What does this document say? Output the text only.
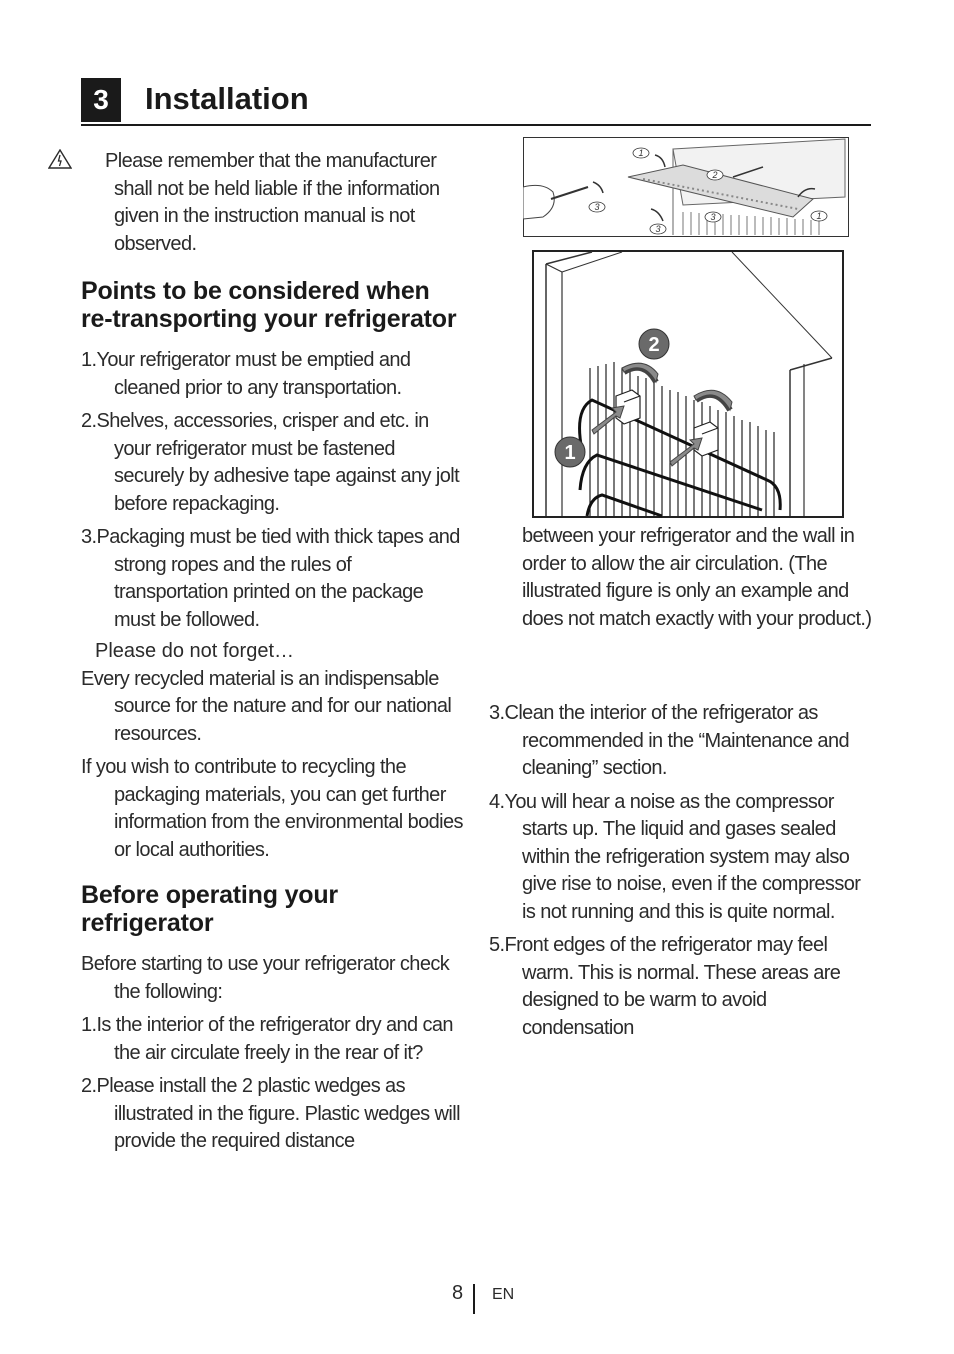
3	Installation

Please remember that the manufacturer shall not be held liable if the information given in the instruction manual is not observed.

Points to be considered when re-transporting your refrigerator

1.Your refrigerator must be emptied and cleaned prior to any transportation.

2.Shelves, accessories, crisper and etc. in your refrigerator must be fastened securely by adhesive tape against any jolt before repackaging.

3.Packaging must be tied with thick tapes and strong ropes and the rules of transportation printed on the package must be followed.

Please do not forget…

Every recycled material is an indispensable source for the nature and for our national resources.

If you wish to contribute to recycling the packaging materials, you can get further information from the environmental bodies or local authorities.

Before operating your refrigerator

Before starting to use your refrigerator check the following:

1.Is the interior of the refrigerator dry and can the air circulate freely in the rear of it?

2.Please install the 2 plastic wedges as illustrated in the figure. Plastic wedges will provide the required distance

1
2
3
3
3
1
2
1

between your refrigerator and the wall in order to allow the air circulation. (The illustrated figure is only an example and does not match exactly with your product.)

3.Clean the interior of the refrigerator as recommended in the “Maintenance and cleaning” section.

4.You will hear a noise as the compressor starts up. The liquid and gases sealed within the refrigeration system may also give rise to noise, even if the compressor is not running and this is quite normal.

5.Front edges of the refrigerator may feel warm. This is normal. These areas are designed to be warm to avoid condensation

8 EN
